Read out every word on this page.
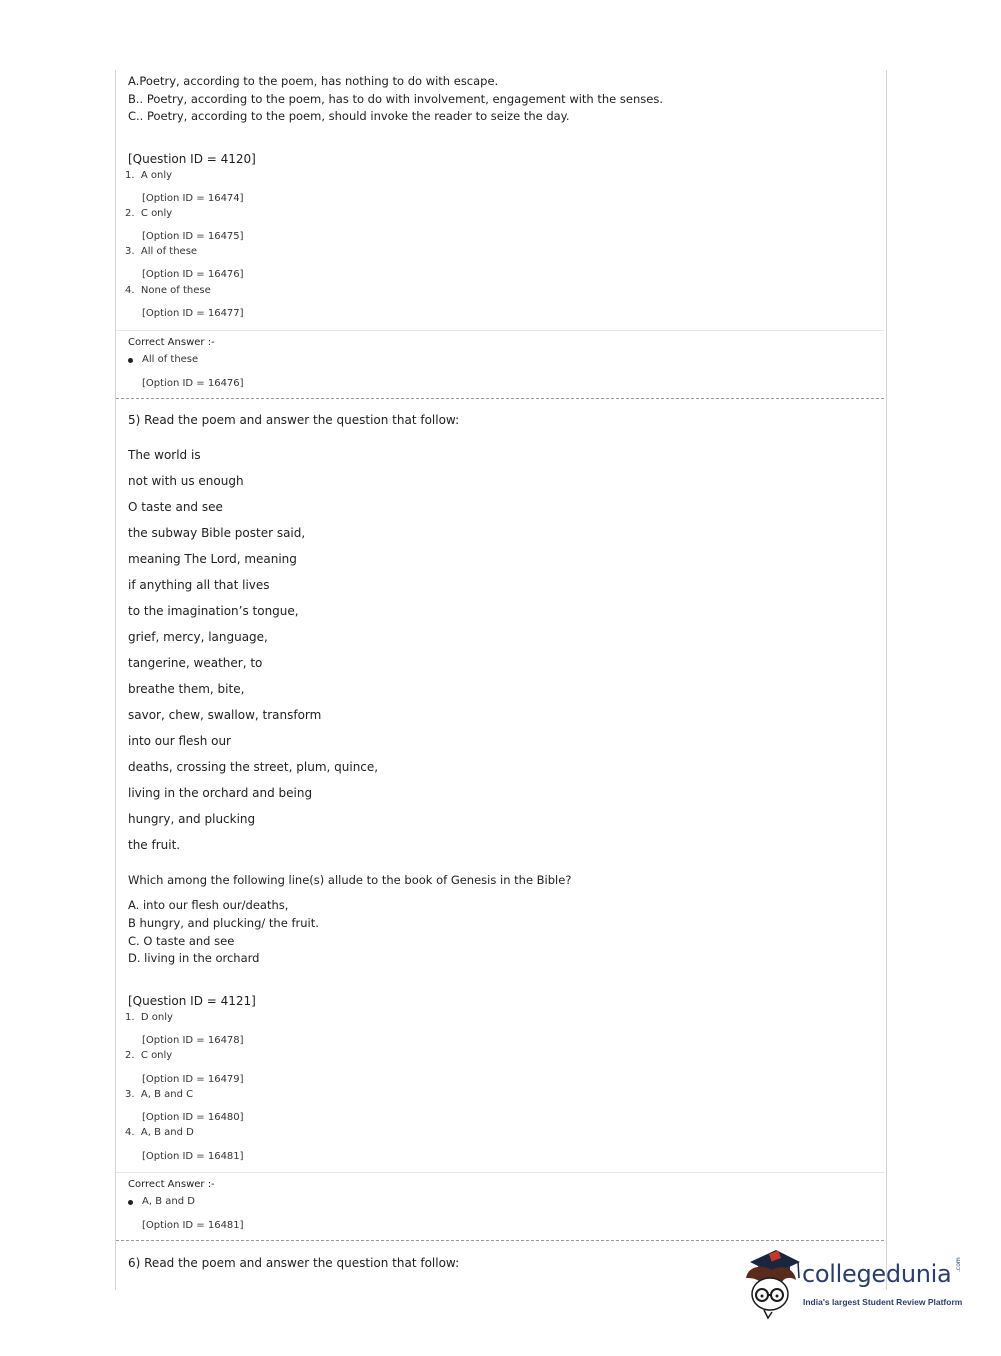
A.Poetry, according to the poem, has nothing to do with escape.
B.. Poetry, according to the poem, has to do with involvement, engagement with the senses.
C.. Poetry, according to the poem, should invoke the reader to seize the day.
[Question ID = 4120]
1. A only
[Option ID = 16474]
2. C only
[Option ID = 16475]
3. All of these
[Option ID = 16476]
4. None of these
[Option ID = 16477]
Correct Answer :-
All of these
[Option ID = 16476]
5) Read the poem and answer the question that follow:
The world is
not with us enough
O taste and see
the subway Bible poster said,
meaning The Lord, meaning
if anything all that lives
to the imagination’s tongue,
grief, mercy, language,
tangerine, weather, to
breathe them, bite,
savor, chew, swallow, transform
into our flesh our
deaths, crossing the street, plum, quince,
living in the orchard and being
hungry, and plucking
the fruit.
Which among the following line(s) allude to the book of Genesis in the Bible?
A. into our flesh our/deaths,
B hungry, and plucking/ the fruit.
C. O taste and see
D. living in the orchard
[Question ID = 4121]
1. D only
[Option ID = 16478]
2. C only
[Option ID = 16479]
3. A, B and C
[Option ID = 16480]
4. A, B and D
[Option ID = 16481]
Correct Answer :-
A, B and D
[Option ID = 16481]
6) Read the poem and answer the question that follow:	collegedunia .com
India's largest Student Review Platform
